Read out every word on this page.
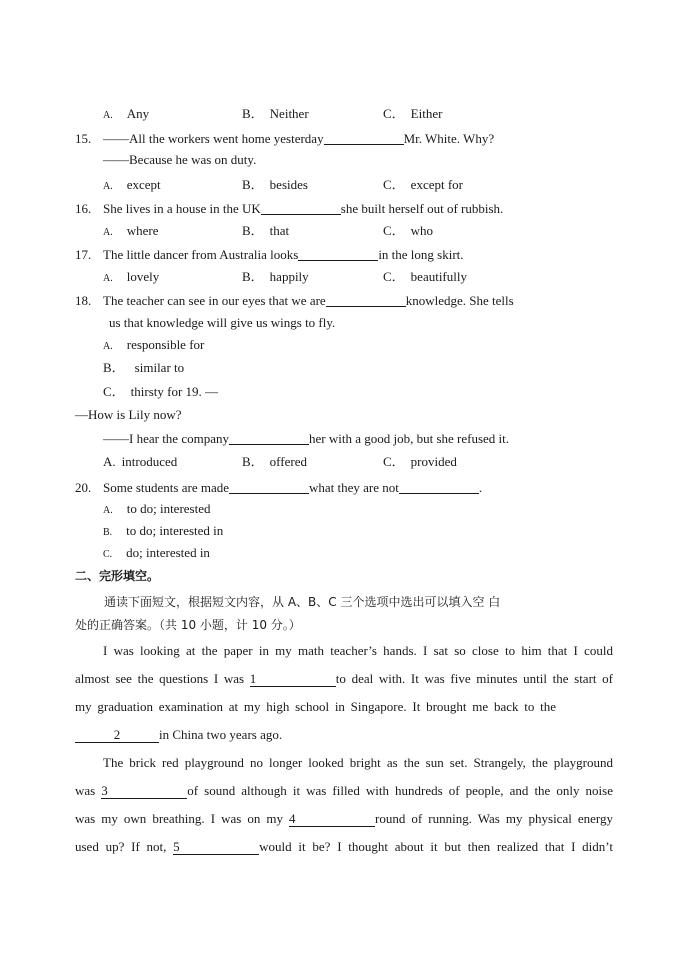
A. Any	B． Neither	C． Either
15. ——All the workers went home yesterday	Mr. White. Why?
——Because he was on duty.
A. except	B． besides	C． except for
16. She lives in a house in the UK	she built herself out of rubbish.
A. where	B． that	C． who
17. The little dancer from Australia looks	in the long skirt.
A. lovely	B． happily	C． beautifully
18. The teacher can see in our eyes that we are	knowledge. She tells
us that knowledge will give us wings to fly.
A. responsible for
B． similar to
C． thirsty for 19. —
—How is Lily now?
——I hear the company	her with a good job, but she refused it.
A. introduced	B． offered	C． provided
20. Some students are made	what they are not	.
A. to do; interested
B. to do; interested in
C. do; interested in
二、完形填空。
通读下面短文，根据短文内容，从 A、B、C 三个选项中选出可以填入空 白
处的正确答案。（共 10 小题，计 10 分。）
I was looking at the paper in my math teacher’s hands. I sat so close to him that I could
almost see the questions I was 1	to deal with. It was five minutes until the start of
my graduation examination at my high school in Singapore. It brought me back to the
2	in China two years ago.
The brick red playground no longer looked bright as the sun set. Strangely, the playground
was 3	of sound although it was filled with hundreds of people, and the only noise
was my own breathing. I was on my 4	round of running. Was my physical energy
used up? If not, 5	would it be? I thought about it but then realized that I didn’t
